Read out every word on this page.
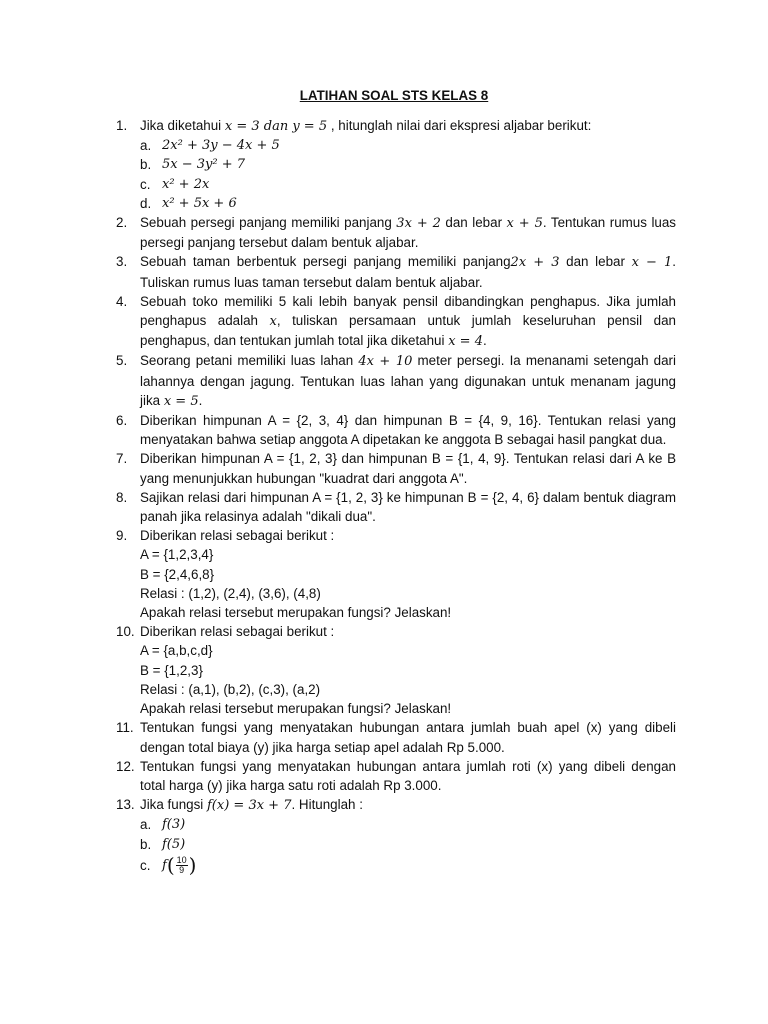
LATIHAN SOAL STS KELAS 8
1. Jika diketahui x = 3 dan y = 5 , hitunglah nilai dari ekspresi aljabar berikut:
a. 2x² + 3y − 4x + 5
b. 5x − 3y² + 7
c. x² + 2x
d. x² + 5x + 6
2. Sebuah persegi panjang memiliki panjang 3x + 2 dan lebar x + 5. Tentukan rumus luas persegi panjang tersebut dalam bentuk aljabar.
3. Sebuah taman berbentuk persegi panjang memiliki panjang2x + 3 dan lebar x − 1. Tuliskan rumus luas taman tersebut dalam bentuk aljabar.
4. Sebuah toko memiliki 5 kali lebih banyak pensil dibandingkan penghapus. Jika jumlah penghapus adalah x, tuliskan persamaan untuk jumlah keseluruhan pensil dan penghapus, dan tentukan jumlah total jika diketahui x = 4.
5. Seorang petani memiliki luas lahan 4x + 10 meter persegi. Ia menanami setengah dari lahannya dengan jagung. Tentukan luas lahan yang digunakan untuk menanam jagung jika x = 5.
6. Diberikan himpunan A = {2, 3, 4} dan himpunan B = {4, 9, 16}. Tentukan relasi yang menyatakan bahwa setiap anggota A dipetakan ke anggota B sebagai hasil pangkat dua.
7. Diberikan himpunan A = {1, 2, 3} dan himpunan B = {1, 4, 9}. Tentukan relasi dari A ke B yang menunjukkan hubungan "kuadrat dari anggota A".
8. Sajikan relasi dari himpunan A = {1, 2, 3} ke himpunan B = {2, 4, 6} dalam bentuk diagram panah jika relasinya adalah "dikali dua".
9. Diberikan relasi sebagai berikut :
A = {1,2,3,4}
B = {2,4,6,8}
Relasi : (1,2), (2,4), (3,6), (4,8)
Apakah relasi tersebut merupakan fungsi? Jelaskan!
10. Diberikan relasi sebagai berikut :
A = {a,b,c,d}
B = {1,2,3}
Relasi : (a,1), (b,2), (c,3), (a,2)
Apakah relasi tersebut merupakan fungsi? Jelaskan!
11. Tentukan fungsi yang menyatakan hubungan antara jumlah buah apel (x) yang dibeli dengan total biaya (y) jika harga setiap apel adalah Rp 5.000.
12. Tentukan fungsi yang menyatakan hubungan antara jumlah roti (x) yang dibeli dengan total harga (y) jika harga satu roti adalah Rp 3.000.
13. Jika fungsi f(x) = 3x + 7. Hitunglah :
a. f(3)
b. f(5)
c. f ( $\frac{10}{9}$ )
